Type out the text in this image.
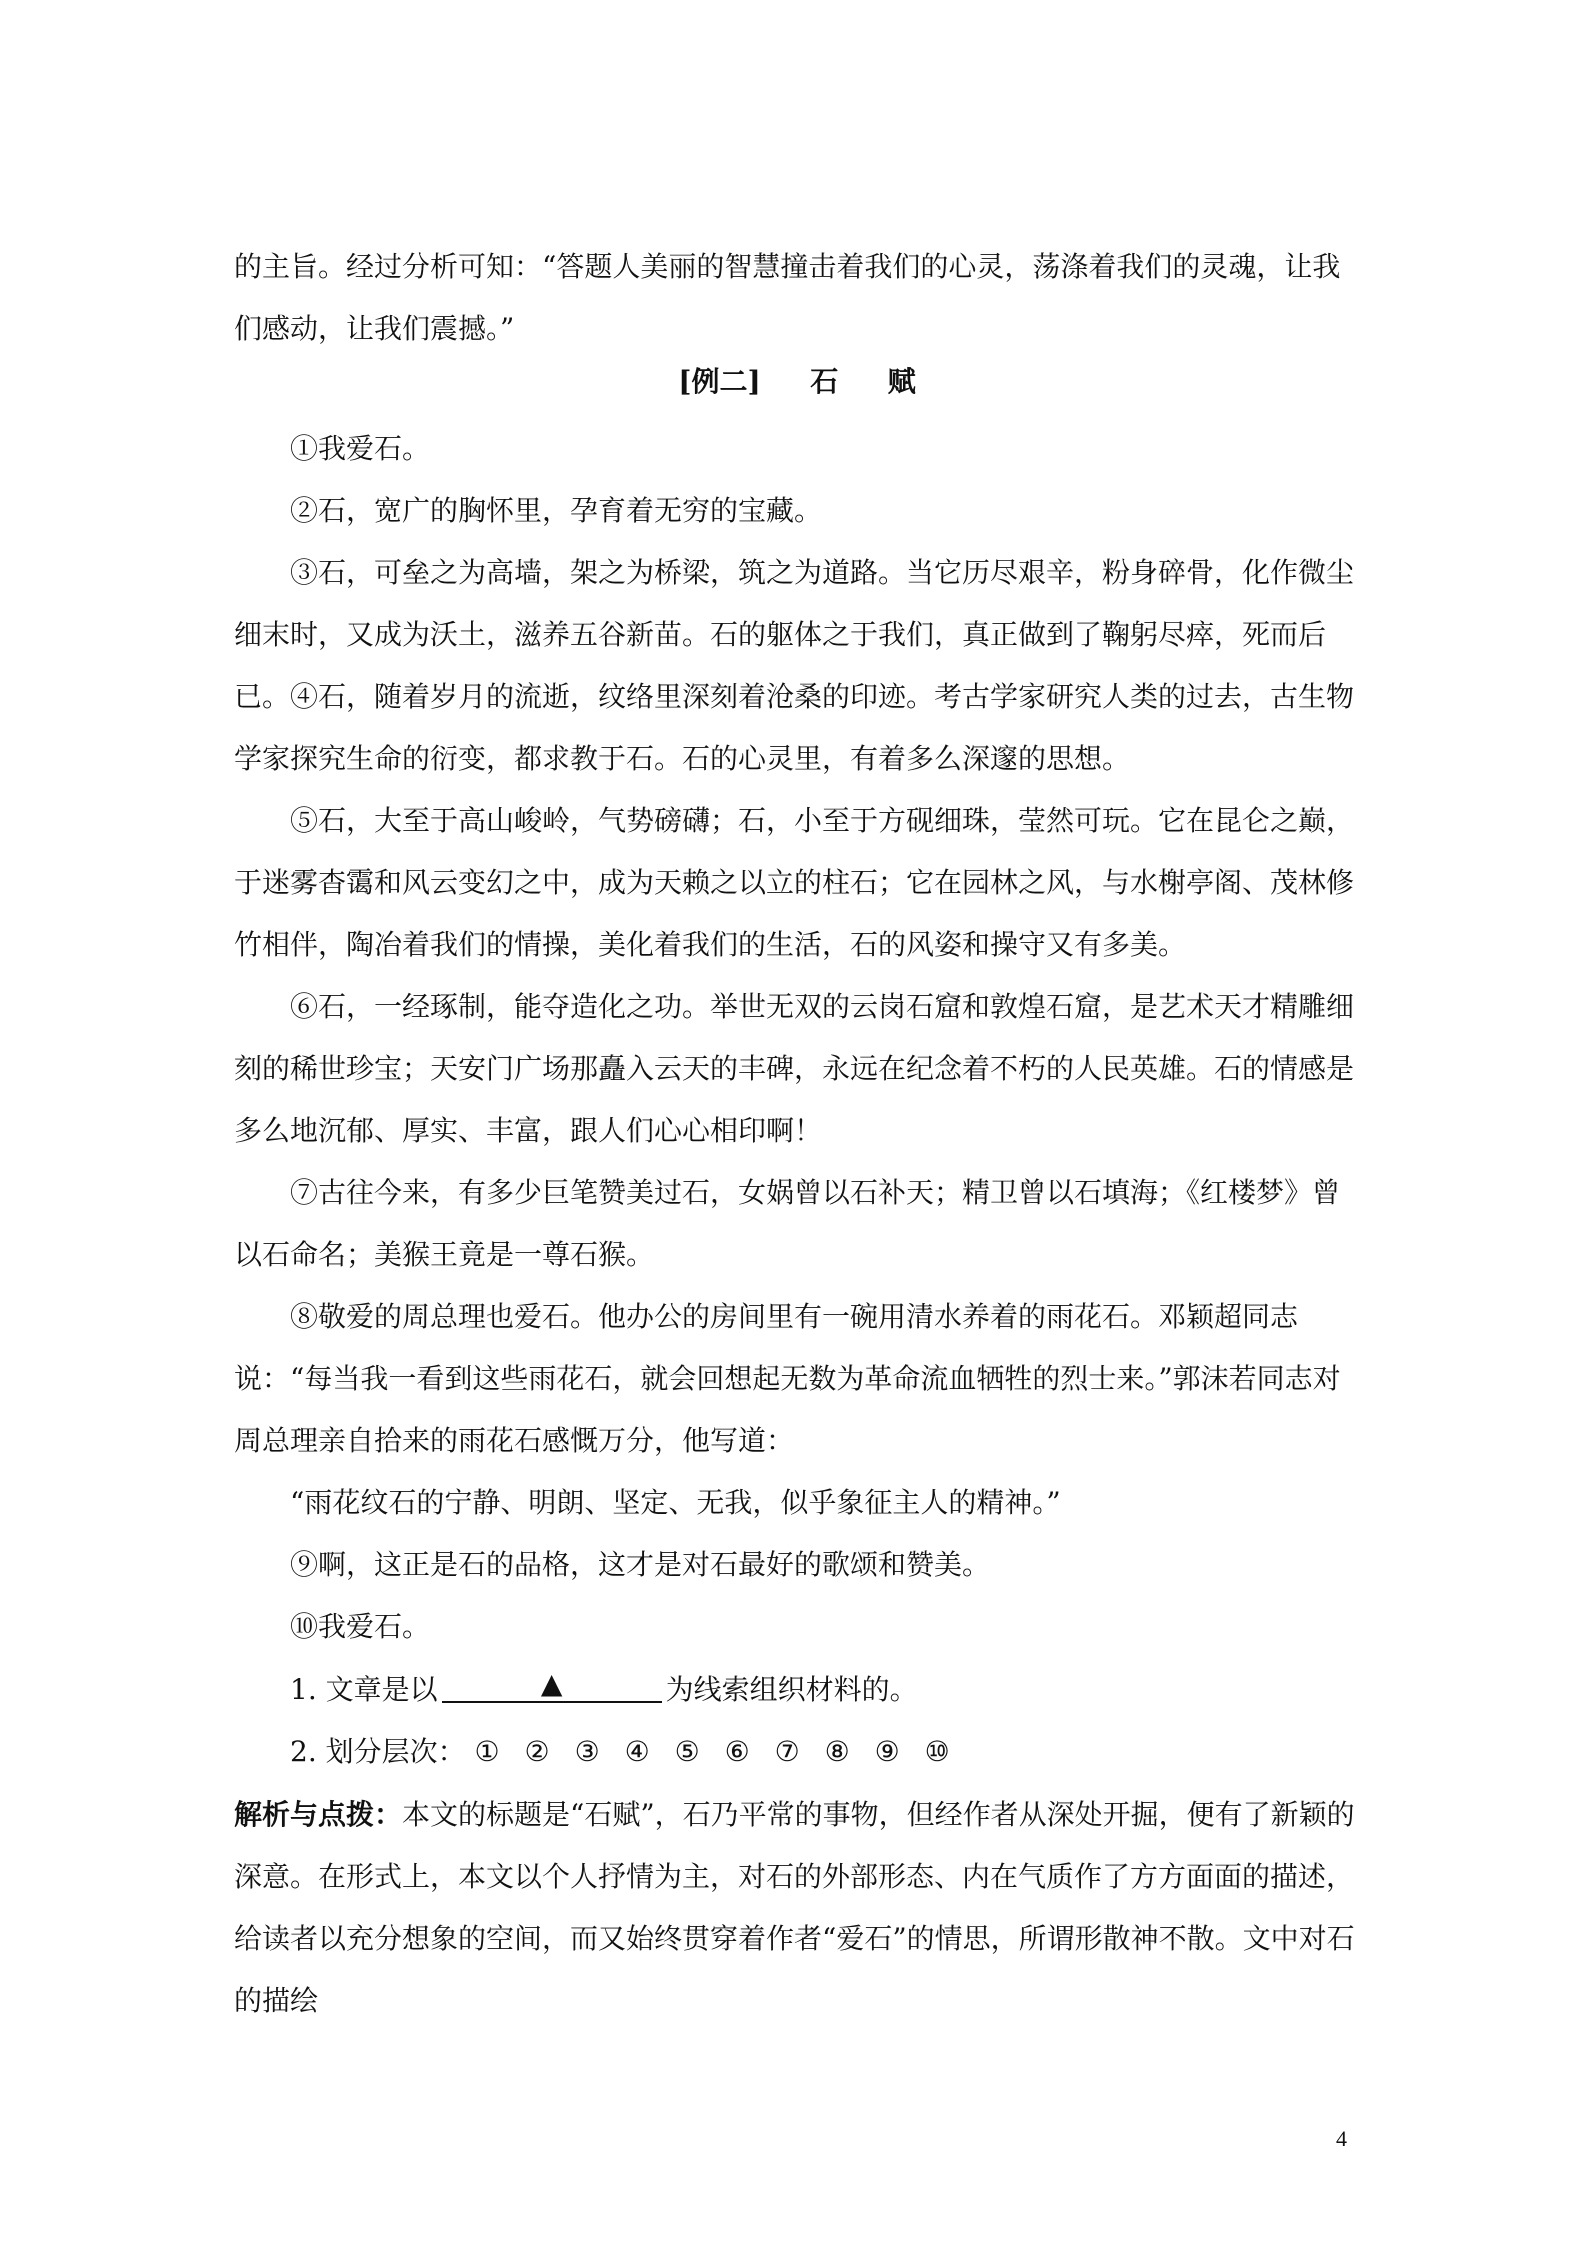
的主旨。经过分析可知：“答题人美丽的智慧撞击着我们的心灵，荡涤着我们的灵魂，让我们感动，让我们震撼。”

[例二] 石 赋

①我爱石。

②石，宽广的胸怀里，孕育着无穷的宝藏。

③石，可垒之为高墙，架之为桥梁，筑之为道路。当它历尽艰辛，粉身碎骨，化作微尘细末时，又成为沃土，滋养五谷新苗。石的躯体之于我们，真正做到了鞠躬尽瘁，死而后已。 ④石，随着岁月的流逝，纹络里深刻着沧桑的印迹。考古学家研究人类的过去，古生物学家探究生命的衍变，都求教于石。石的心灵里，有着多么深邃的思想。

⑤石，大至于高山峻岭，气势磅礴；石，小至于方砚细珠，莹然可玩。它在昆仑之巅，于迷雾杳霭和风云变幻之中，成为天赖之以立的柱石；它在园林之风，与水榭亭阁、茂林修竹相伴，陶冶着我们的情操，美化着我们的生活，石的风姿和操守又有多美。

⑥石，一经琢制，能夺造化之功。举世无双的云岗石窟和敦煌石窟，是艺术天才精雕细刻的稀世珍宝；天安门广场那矗入云天的丰碑，永远在纪念着不朽的人民英雄。石的情感是多么地沉郁、厚实、丰富，跟人们心心相印啊！

⑦古往今来，有多少巨笔赞美过石，女娲曾以石补天；精卫曾以石填海；《红楼梦》曾以石命名；美猴王竟是一尊石猴。

⑧敬爱的周总理也爱石。他办公的房间里有一碗用清水养着的雨花石。邓颖超同志说：“每当我一看到这些雨花石，就会回想起无数为革命流血牺牲的烈士来。”郭沫若同志对周总理亲自拾来的雨花石感慨万分，他写道：

“雨花纹石的宁静、明朗、坚定、无我，似乎象征主人的精神。”

⑨啊，这正是石的品格，这才是对石最好的歌颂和赞美。

⑩我爱石。

1. 文章是以	▲	为线索组织材料的。
2. 划分层次： ① ② ③ ④ ⑤ ⑥ ⑦ ⑧ ⑨ ⑩

解析与点拨：本文的标题是“石赋”，石乃平常的事物，但经作者从深处开掘，便有了新颖的深意。在形式上，本文以个人抒情为主，对石的外部形态、内在气质作了方方面面的描述，给读者以充分想象的空间，而又始终贯穿着作者“爱石”的情思，所谓形散神不散。文中对石的描绘

4
